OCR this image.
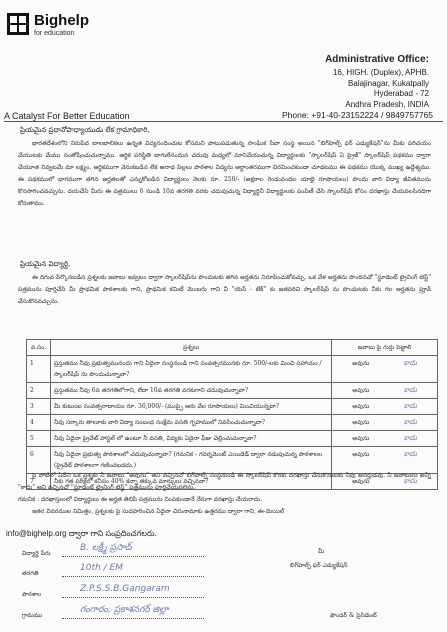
Bighelp
for education
Administrative Office:
16, HIGH. (Duplex), APHB.
Balajinagar, Kukatpally
Hyderabad - 72
Andhra Pradesh, INDIA
A Catalyst For Better Education	Phone: +91-40-23152224 / 9849757765
ప్రియమైన ప్రధానోపాధ్యాయుడు లేక గ్రామాధికారి,
భారతదేశంలోని నిరుపేద బాలబాలికలు ఉన్నత విద్యనందించుట కోసమని పాటుపడుతున్న సాంఘిక సేవా సంస్థ అయిన "బిగ్‌హెల్ప్ ఫర్ ఎడ్యుకేషన్"ను మీకు పరిచయం చేయుటకు మేము సంతోషించుచున్నాము. ఆర్థిక పరిస్థితి బాగులేనందున చదువు మధ్యలో మానివేయుచున్న విద్యార్థులకు "స్కాలర్‌షిప్ ఏ ప్రైజ్" స్కాలర్‌షిప్ పథకము ద్వారా చేయూత నివ్వటమే మా లక్ష్యం. ఆర్థికముగా వెనుకబడిన లేక అనాథ పిల్లలు పాఠశాల విద్యను అర్ధాంతరముగా విరమించకుండా చూడటము ఈ పథకము యొక్క ముఖ్య ఉద్దేశ్యము. ఈ పథకములో భాగముగా తగిన అర్హతలతో ఎన్నుకోబడిన విద్యార్థులు నెలకు రూ. 250/- (అక్షరాల రెండువందల యాభై రూపాయలు) పొందు వారి విద్యా జీవితమును కొనసాగించవచ్చును. దయచేసి మీరు ఈ పత్రములు 6 నుండి 10వ తరగతి వరకు చదువుచున్న విద్యార్థినీ విద్యార్థులకు పంపిణీ చేసి స్కాలర్‌షిప్ కోసం దరఖాస్తు చేయవలసినదిగా కోరుతాము.
ప్రియమైన విద్యార్థి,
ఈ దిగువ పేర్కొనబడిన ప్రశ్నలకు జవాబు ఇవ్వటం ద్వారా స్కాలర్‌షిప్‌ను పొందుటకు తగిన అర్హతను నిరూపించుకోవచ్చు. ఒక వేళ అర్హతను పొందినచో "స్టూడెంట్ ట్రైనింగ్ టెస్ట్" పత్రమును పూర్తిచేసి మీ ప్రాథమిక పాఠశాలకు గాని, ప్రాథమిక కమిటీ మెంబరు గాని వీ "యెస్ - టేక్" కు జతపరిచి స్కాలర్‌షిప్ ను పొందుటకు నీకు గల అర్హతను ప్రూవ్ చేసుకొనవచ్చును.
వ.సం.	ప్రశ్నలు	జవాబు పై గుర్తు పెట్టాలి
1	ప్రస్తుతము నీవు ప్రభుత్వమునందు గాని ఏదైనా సంస్థనుండి గాని సంవత్సరమునకు రూ. 500/-లకు మించి సహాయం / స్కాలర్‌షిప్ ను పొందుచున్నావా?	అవును కాదు

2	ప్రస్తుతము నీవు 6వ తరగతిలోగాని, లేదా 10వ తరగతి వరకుగాని చదువుచున్నావా?	అవును కాదు

3	మీ కుటుంబ సంవత్సరాదాయం రూ. 36,000/- (ముప్పై ఆరు వేల రూపాయలు) మించియున్నదా?	అవును కాదు

4	నీవు సర్కారు తాలూకు వారి విద్యా సంబంధ సంక్షేమ వసతి గృహములో నివసించుచున్నావా?	అవును కాదు

5	నీవు ఏదైనా ప్రైవేట్ హాస్టల్ లో ఉంటూ నీ వసతి, విద్యకు ఏదైనా ఫీజు చెల్లించుచున్నావా?	అవును కాదు

6	నీవు ఏదైనా ప్రభుత్వ పాఠశాలలో చదువుచున్నావా? (గమనిక - గవర్నమెంట్ ఎయిడెడ్ ద్వారా నడుపుచున్న పాఠశాలల (ప్రైవేట్ పాఠశాలగా గణించబడదు.)	అవును కాదు

7	నీకు గత పరీక్షలో కనీసం 40% కన్నా తక్కువ మార్కులు వచ్చినవా?	అవును కాదు
పై వాటిలో ఏదేని ఒక ప్రశ్నకు నీ జవాబు "అవును" అని వచ్చినచో బిగ్‌హెల్ప్ సంస్థనుండి ఈ స్కాలర్‌షిప్ కొరకు దరఖాస్తు చేసుకొనుటకు నీవు అనర్హుడవు. నీ జవాబులు అన్నీ "కాదు" అని వచ్చినచో "స్టూడెంట్ ట్రైనింగ్ టెస్ట్" పత్రమును పూర్తిచేయవలెను.
గమనిక : దరఖాస్తులలో విద్యార్థులు ఈ అర్హత తెలిపే పత్రమును నింపకుండానే నేరుగా దరఖాస్తు చేయరాదు.
ఇతర వివరముల నిమిత్తం, ప్రశ్నలకు పై సుదహరించిన ఏదైనా చిరునామాకు ఉత్తరము ద్వారా గాని, ఈ-మెయిల్
info@bighelp.org ద్వారా గాని సంప్రదించగలరు.
విద్యార్థి పేరు
B. లక్ష్మీ ప్రసాద్
తరగతి
10th / EM
పాఠశాల
Z.P.S.S.B.Gangaram
గ్రామము
గంగారం, ప్రకాశనగర్ జిల్లా
మీ
బిగ్‌హెల్ప్ ఫర్ ఎడ్యుకేషన్
ఫౌండర్ & ప్రెసిడెంట్
